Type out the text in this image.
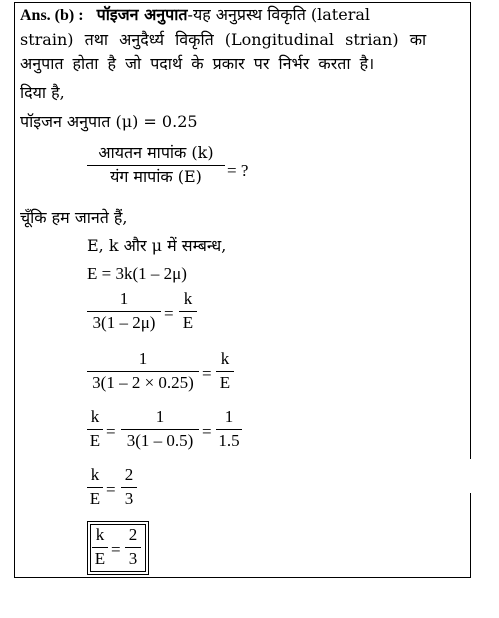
Ans. (b) : पॉइजन अनुपात-यह अनुप्रस्थ विकृति (lateral
strain) तथा अनुदैर्ध्य विकृति (Longitudinal strian) का
अनुपात होता है जो पदार्थ के प्रकार पर निर्भर करता है।
दिया है,
पॉइजन अनुपात (μ) = 0.25
आयतन मापांक (k)
यंग मापांक (E) = ?
चूँकि हम जानते हैं,
E, k और μ में सम्बन्ध,
E = 3k(1 – 2μ)
1
3(1 – 2μ) =
k
E
1
3(1 – 2 × 0.25) =
k
E
k
E =
1
3(1 – 0.5) =
1
1.5
k
E =
2
3
k
E =
2
3
